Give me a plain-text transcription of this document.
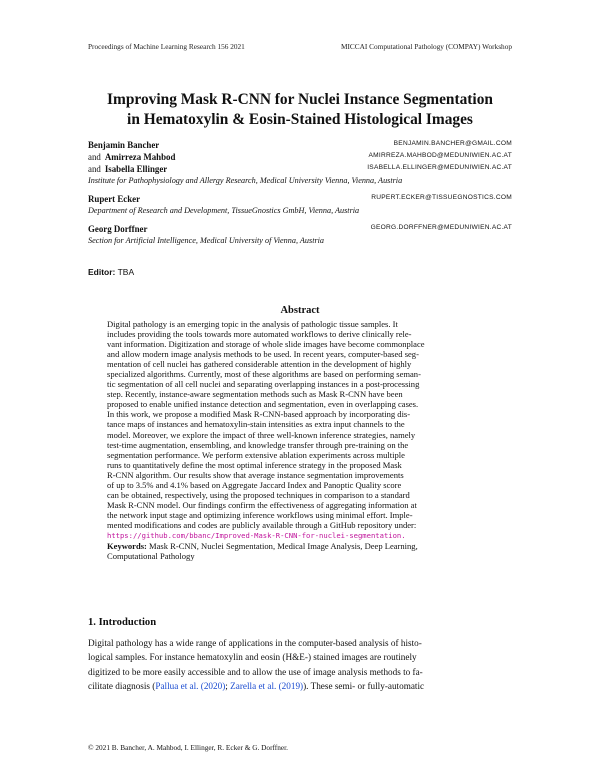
Proceedings of Machine Learning Research 156 2021	MICCAI Computational Pathology (COMPAY) Workshop
Improving Mask R-CNN for Nuclei Instance Segmentation
in Hematoxylin & Eosin-Stained Histological Images
Benjamin Bancher	BENJAMIN.BANCHER@GMAIL.COM
and Amirreza Mahbod	AMIRREZA.MAHBOD@MEDUNIWIEN.AC.AT
and Isabella Ellinger	ISABELLA.ELLINGER@MEDUNIWIEN.AC.AT
Institute for Pathophysiology and Allergy Research, Medical University Vienna, Vienna, Austria
Rupert Ecker	RUPERT.ECKER@TISSUEGNOSTICS.COM
Department of Research and Development, TissueGnostics GmbH, Vienna, Austria
Georg Dorffner	GEORG.DORFFNER@MEDUNIWIEN.AC.AT
Section for Artificial Intelligence, Medical University of Vienna, Austria
Editor: TBA
Abstract
Digital pathology is an emerging topic in the analysis of pathologic tissue samples. It
includes providing the tools towards more automated workflows to derive clinically rele-
vant information. Digitization and storage of whole slide images have become commonplace
and allow modern image analysis methods to be used. In recent years, computer-based seg-
mentation of cell nuclei has gathered considerable attention in the development of highly
specialized algorithms. Currently, most of these algorithms are based on performing seman-
tic segmentation of all cell nuclei and separating overlapping instances in a post-processing
step. Recently, instance-aware segmentation methods such as Mask R-CNN have been
proposed to enable unified instance detection and segmentation, even in overlapping cases.
In this work, we propose a modified Mask R-CNN-based approach by incorporating dis-
tance maps of instances and hematoxylin-stain intensities as extra input channels to the
model. Moreover, we explore the impact of three well-known inference strategies, namely
test-time augmentation, ensembling, and knowledge transfer through pre-training on the
segmentation performance. We perform extensive ablation experiments across multiple
runs to quantitatively define the most optimal inference strategy in the proposed Mask
R-CNN algorithm. Our results show that average instance segmentation improvements
of up to 3.5% and 4.1% based on Aggregate Jaccard Index and Panoptic Quality score
can be obtained, respectively, using the proposed techniques in comparison to a standard
Mask R-CNN model. Our findings confirm the effectiveness of aggregating information at
the network input stage and optimizing inference workflows using minimal effort. Imple-
mented modifications and codes are publicly available through a GitHub repository under:
https://github.com/bbanc/Improved-Mask-R-CNN-for-nuclei-segmentation.
Keywords: Mask R-CNN, Nuclei Segmentation, Medical Image Analysis, Deep Learning,
Computational Pathology
1. Introduction
Digital pathology has a wide range of applications in the computer-based analysis of histo-
logical samples. For instance hematoxylin and eosin (H&E-) stained images are routinely
digitized to be more easily accessible and to allow the use of image analysis methods to fa-
cilitate diagnosis (Pallua et al. (2020); Zarella et al. (2019)). These semi- or fully-automatic
© 2021 B. Bancher, A. Mahbod, I. Ellinger, R. Ecker & G. Dorffner.
